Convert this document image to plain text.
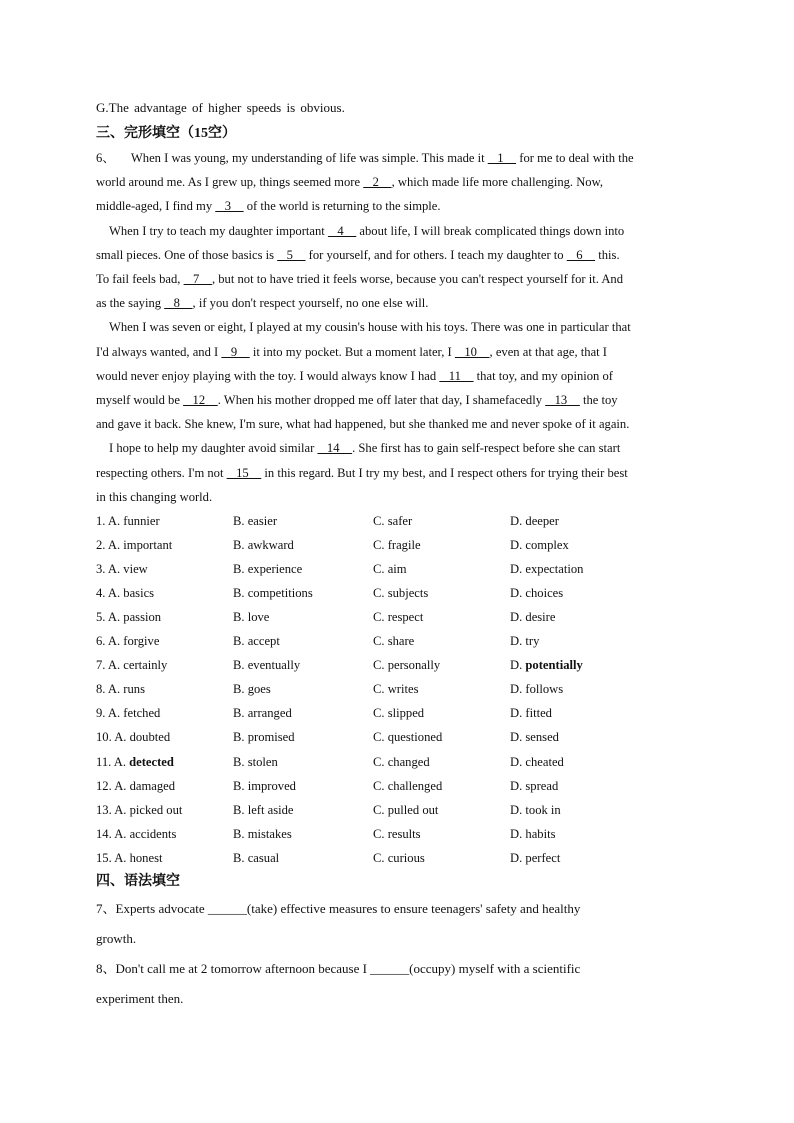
G.The advantage of higher speeds is obvious.
三、完形填空（15空）
6、 When I was young, my understanding of life was simple. This made it    1     for me to deal with the
world around me. As I grew up, things seemed more    2    , which made life more challenging. Now,
middle-aged, I find my    3     of the world is returning to the simple.
When I try to teach my daughter important    4     about life, I will break complicated things down into
small pieces. One of those basics is    5     for yourself, and for others. I teach my daughter to    6     this.
To fail feels bad,    7    , but not to have tried it feels worse, because you can't respect yourself for it. And
as the saying    8    , if you don't respect yourself, no one else will.
When I was seven or eight, I played at my cousin's house with his toys. There was one in particular that
I'd always wanted, and I    9     it into my pocket. But a moment later, I    10    , even at that age, that I
would never enjoy playing with the toy. I would always know I had    11     that toy, and my opinion of
myself would be    12    . When his mother dropped me off later that day, I shamefacedly    13     the toy
and gave it back. She knew, I'm sure, what had happened, but she thanked me and never spoke of it again.
I hope to help my daughter avoid similar    14    . She first has to gain self-respect before she can start
respecting others. I'm not    15     in this regard. But I try my best, and I respect others for trying their best
in this changing world.
1. A. funnier	B. easier	C. safer	D. deeper
2. A. important	B. awkward	C. fragile	D. complex
3. A. view	B. experience	C. aim	D. expectation
4. A. basics	B. competitions	C. subjects	D. choices
5. A. passion	B. love	C. respect	D. desire
6. A. forgive	B. accept	C. share	D. try
7. A. certainly	B. eventually	C. personally	D. potentially
8. A. runs	B. goes	C. writes	D. follows
9. A. fetched	B. arranged	C. slipped	D. fitted
10. A. doubted	B. promised	C. questioned	D. sensed
11. A. detected	B. stolen	C. changed	D. cheated
12. A. damaged	B. improved	C. challenged	D. spread
13. A. picked out	B. left aside	C. pulled out	D. took in
14. A. accidents	B. mistakes	C. results	D. habits
15. A. honest	B. casual	C. curious	D. perfect
四、语法填空
7、Experts advocate ______(take) effective measures to ensure teenagers' safety and healthy
growth.
8、Don't call me at 2 tomorrow afternoon because I ______(occupy) myself with a scientific
experiment then.
